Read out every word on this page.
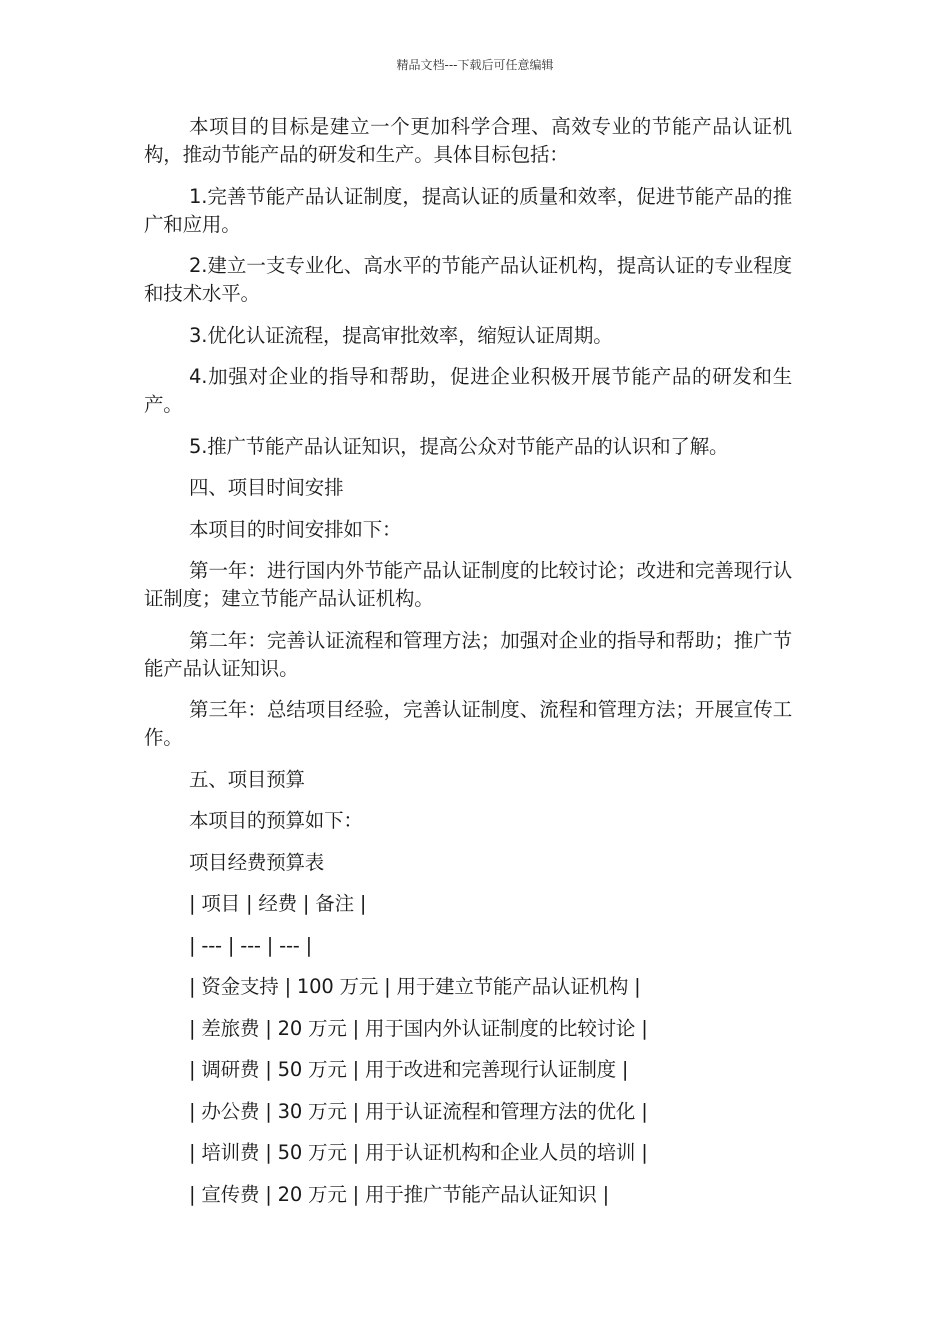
精品文档---下载后可任意编辑

本项目的目标是建立一个更加科学合理、高效专业的节能产品认证机构，推动节能产品的研发和生产。具体目标包括：

1.完善节能产品认证制度，提高认证的质量和效率，促进节能产品的推广和应用。

2.建立一支专业化、高水平的节能产品认证机构，提高认证的专业程度和技术水平。

3.优化认证流程，提高审批效率，缩短认证周期。

4.加强对企业的指导和帮助，促进企业积极开展节能产品的研发和生产。

5.推广节能产品认证知识，提高公众对节能产品的认识和了解。

四、项目时间安排

本项目的时间安排如下：

第一年：进行国内外节能产品认证制度的比较讨论；改进和完善现行认证制度；建立节能产品认证机构。

第二年：完善认证流程和管理方法；加强对企业的指导和帮助；推广节能产品认证知识。

第三年：总结项目经验，完善认证制度、流程和管理方法；开展宣传工作。

五、项目预算

本项目的预算如下：

项目经费预算表

| 项目 | 经费 | 备注 |

| --- | --- | --- |

| 资金支持 | 100 万元 | 用于建立节能产品认证机构 |

| 差旅费 | 20 万元 | 用于国内外认证制度的比较讨论 |

| 调研费 | 50 万元 | 用于改进和完善现行认证制度 |

| 办公费 | 30 万元 | 用于认证流程和管理方法的优化 |

| 培训费 | 50 万元 | 用于认证机构和企业人员的培训 |

| 宣传费 | 20 万元 | 用于推广节能产品认证知识 |
